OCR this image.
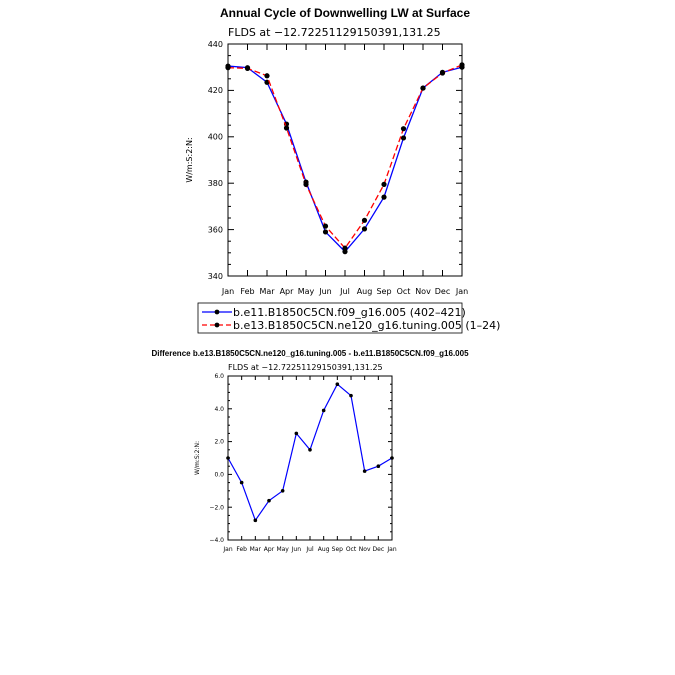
Annual Cycle of Downwelling LW at Surface
FLDS at −12.72251129150391,131.25
W/m:S:2:N:
340
360
380
400
420
440
Jan Feb Mar Apr May Jun Jul Aug Sep Oct Nov Dec Jan
b.e11.B1850C5CN.f09_g16.005 (402–421)
b.e13.B1850C5CN.ne120_g16.tuning.005 (1–24)
Difference b.e13.B1850C5CN.ne120_g16.tuning.005 - b.e11.B1850C5CN.f09_g16.005
FLDS at −12.72251129150391,131.25
W/m:S:2:N:
−4.0
−2.0
0.0
2.0
4.0
6.0
Jan Feb Mar Apr May Jun Jul Aug Sep Oct Nov Dec Jan
